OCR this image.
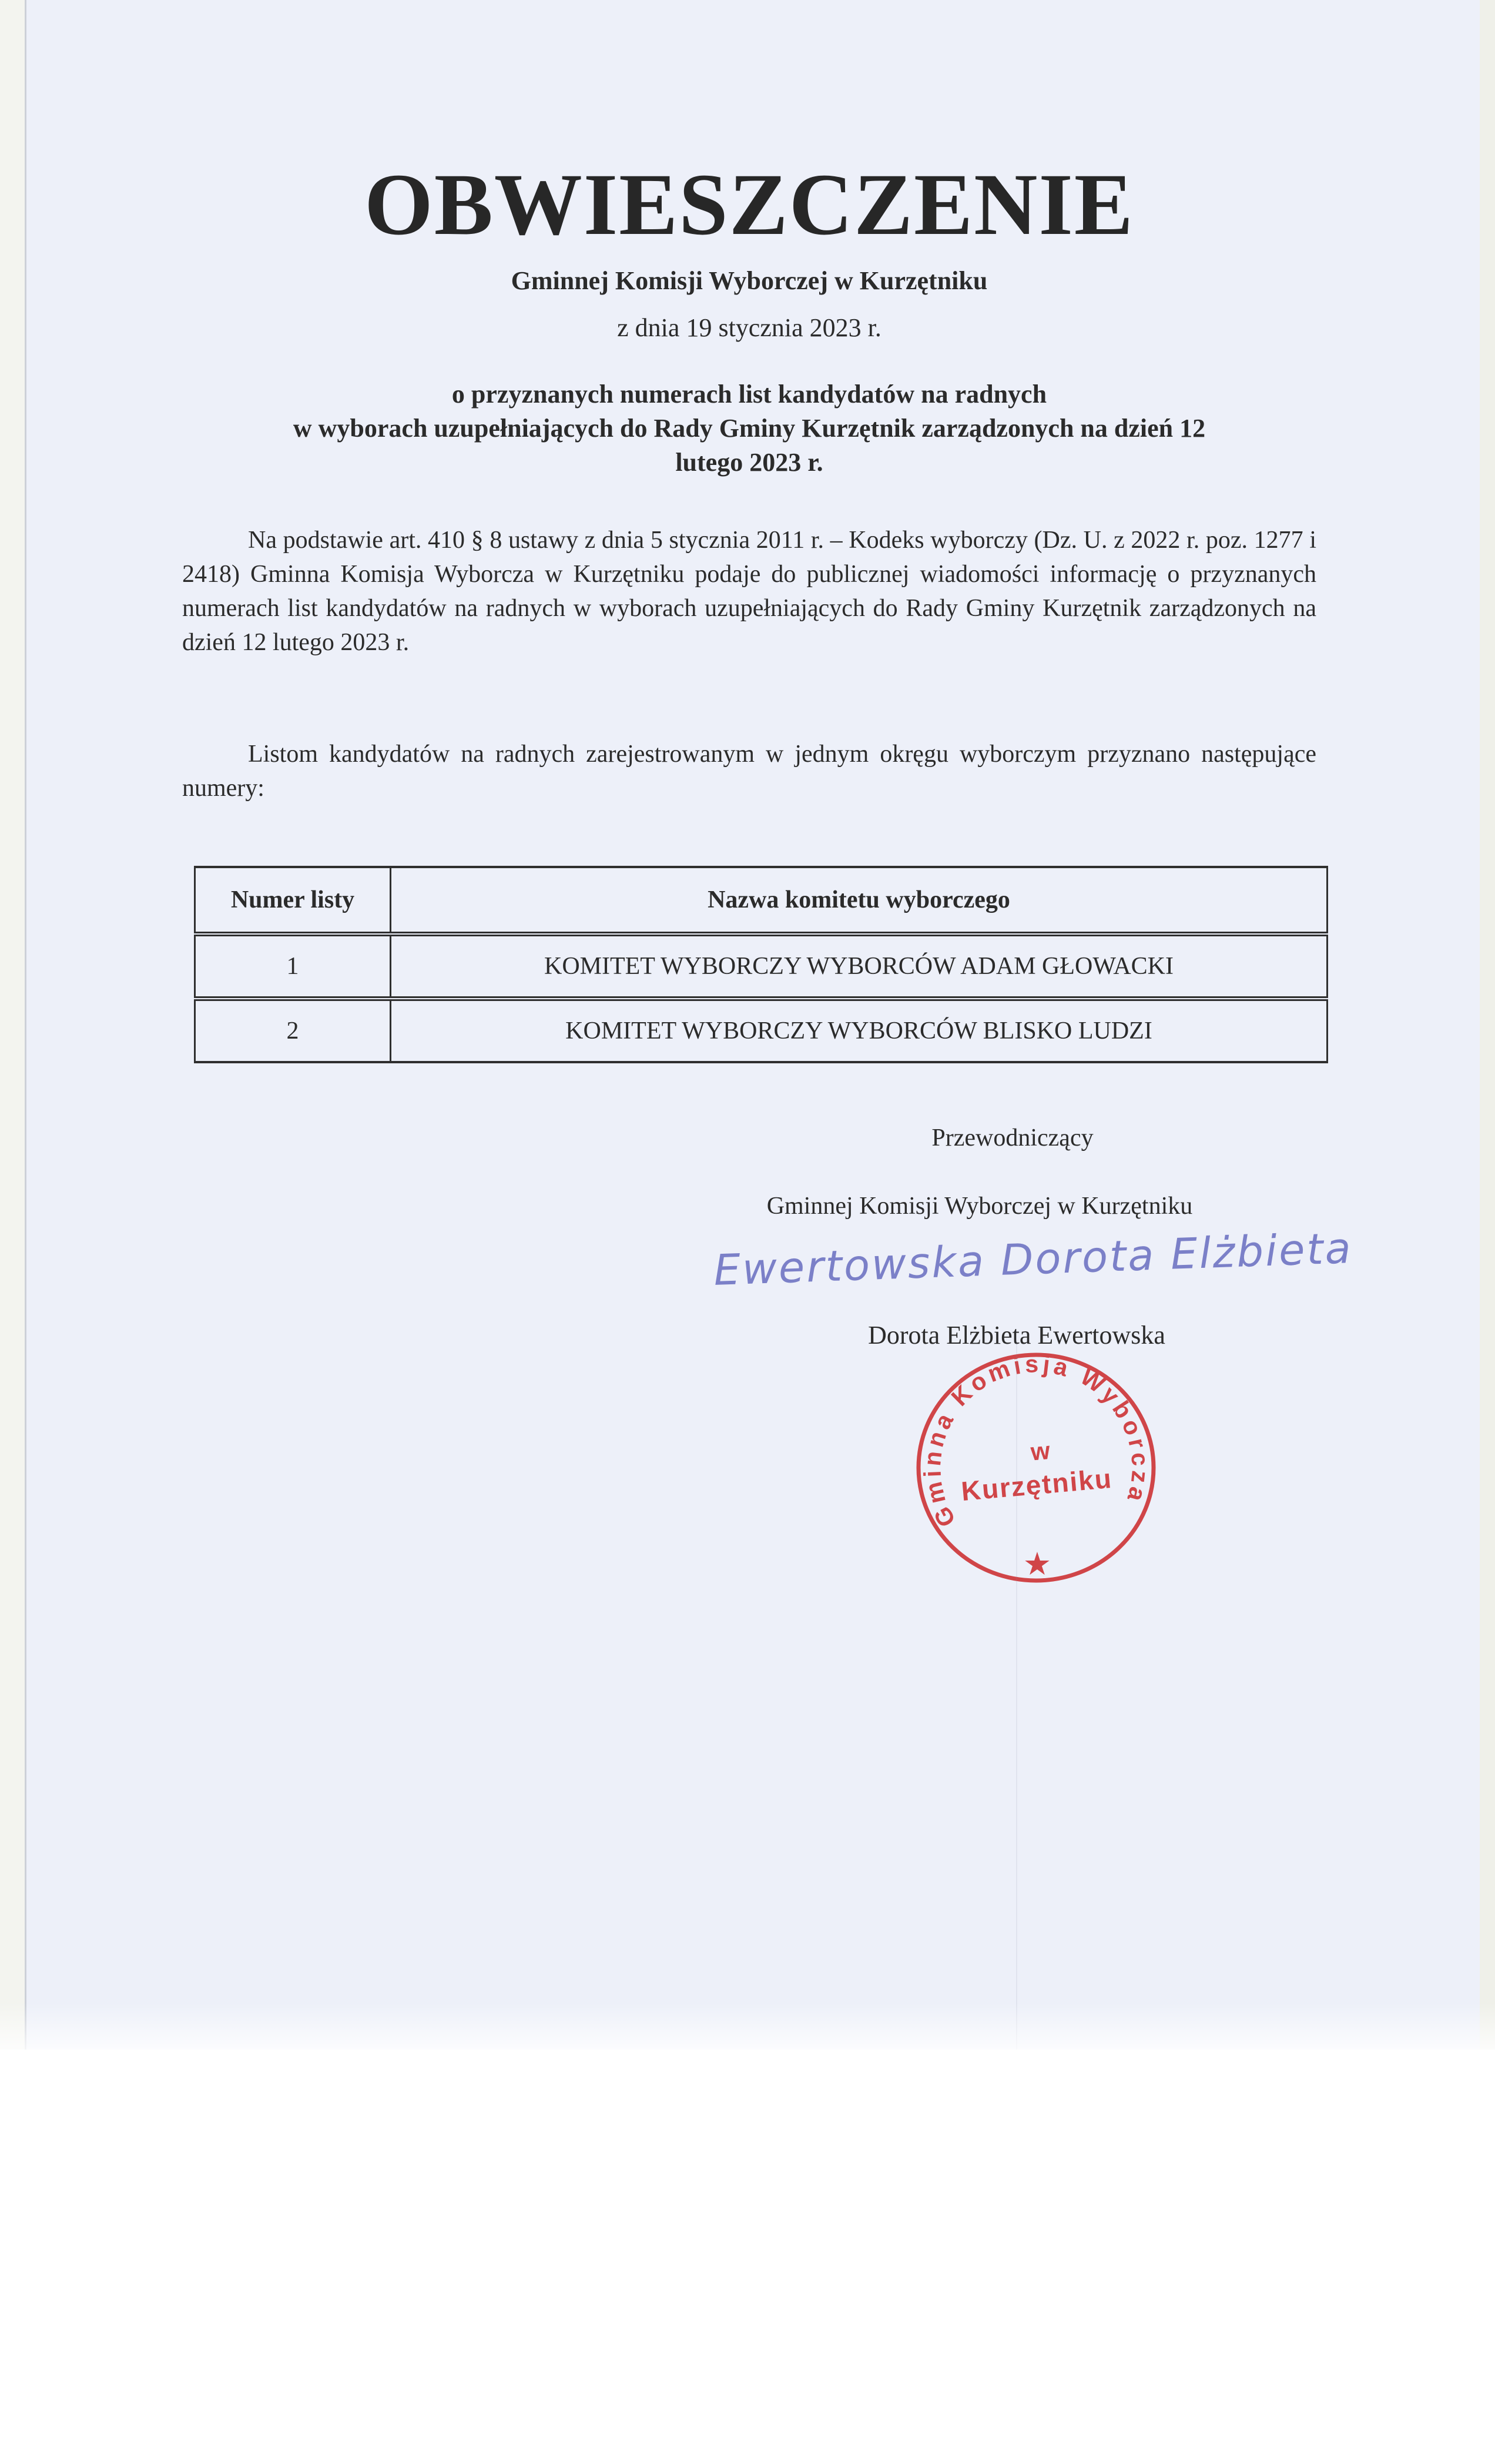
OBWIESZCZENIE
Gminnej Komisji Wyborczej w Kurzętniku
z dnia 19 stycznia 2023 r.
o przyznanych numerach list kandydatów na radnych
w wyborach uzupełniających do Rady Gminy Kurzętnik zarządzonych na dzień 12
lutego 2023 r.
Na podstawie art. 410 § 8 ustawy z dnia 5 stycznia 2011 r. – Kodeks wyborczy (Dz. U. z 2022 r. poz. 1277 i 2418) Gminna Komisja Wyborcza w Kurzętniku podaje do publicznej wiadomości informację o przyznanych numerach list kandydatów na radnych w wyborach uzupełniających do Rady Gminy Kurzętnik zarządzonych na dzień 12 lutego 2023 r.
Listom kandydatów na radnych zarejestrowanym w jednym okręgu wyborczym przyznano następujące numery:
Numer listy	Nazwa komitetu wyborczego
1	KOMITET WYBORCZY WYBORCÓW ADAM GŁOWACKI
2	KOMITET WYBORCZY WYBORCÓW BLISKO LUDZI
Przewodniczący
Gminnej Komisji Wyborczej w Kurzętniku
Ewertowska Dorota Elżbieta
Dorota Elżbieta Ewertowska
Gminna Komisja Wyborcza
w
Kurzętniku
★
